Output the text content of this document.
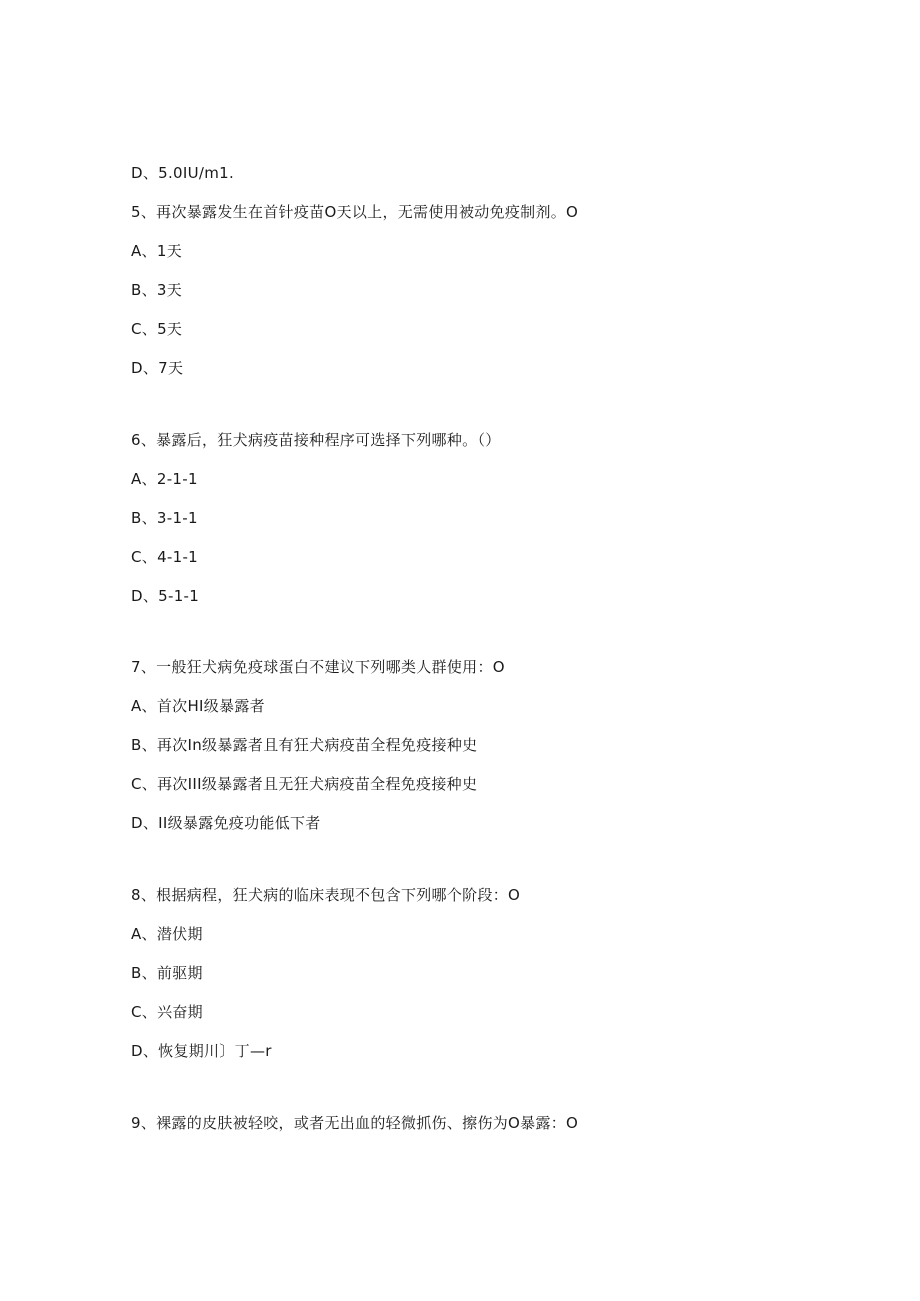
D、5.0IU∕m1.
5、再次暴露发生在首针疫苗O天以上，无需使用被动免疫制剂。O
A、1天
B、3天
C、5天
D、7天
6、暴露后，狂犬病疫苗接种程序可选择下列哪种。（）
A、2-1-1
B、3-1-1
C、4-1-1
D、5-1-1
7、一般狂犬病免疫球蛋白不建议下列哪类人群使用：O
A、首次HI级暴露者
B、再次In级暴露者且有狂犬病疫苗全程免疫接种史
C、再次III级暴露者且无狂犬病疫苗全程免疫接种史
D、II级暴露免疫功能低下者
8、根据病程，狂犬病的临床表现不包含下列哪个阶段：O
A、潜伏期
B、前驱期
C、兴奋期
D、恢复期川〕丁—r
9、裸露的皮肤被轻咬，或者无出血的轻微抓伤、擦伤为O暴露：O
